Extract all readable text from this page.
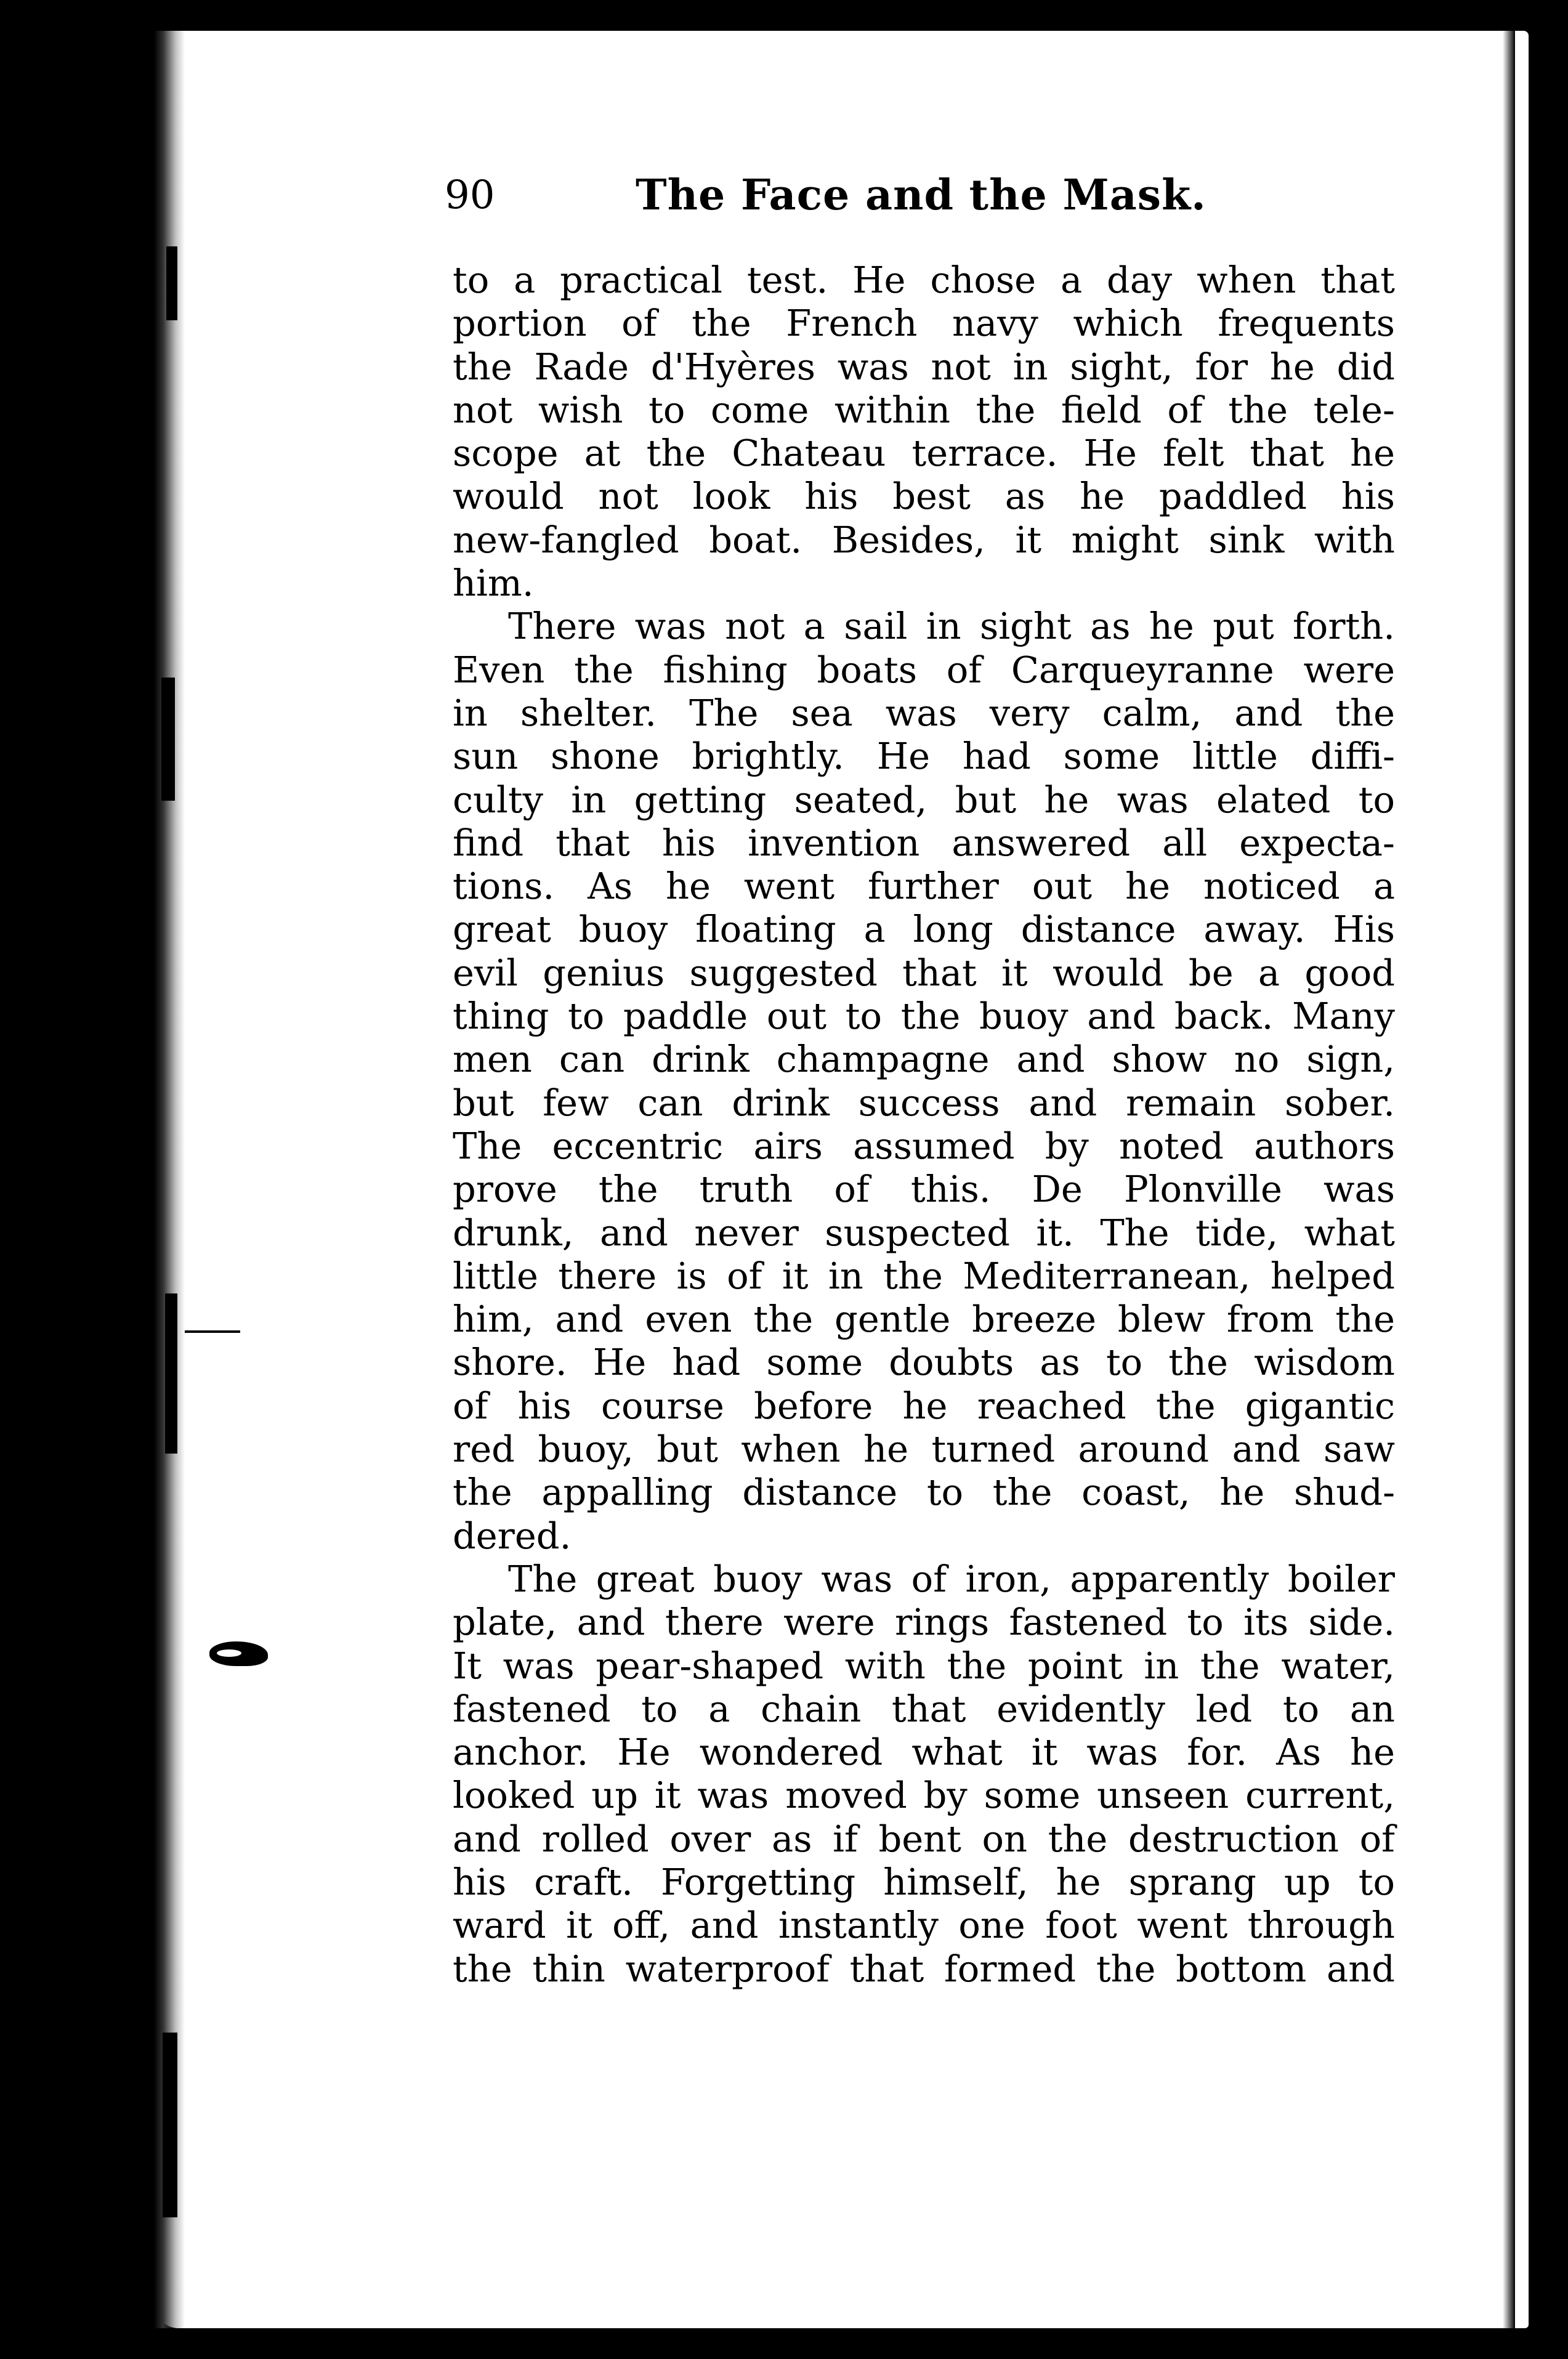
90	The Face and the Mask.
to a practical test. He chose a day when that
portion of the French navy which frequents
the Rade d'Hyères was not in sight, for he did
not wish to come within the field of the tele-
scope at the Chateau terrace. He felt that he
would not look his best as he paddled his
new-fangled boat. Besides, it might sink with
him.
There was not a sail in sight as he put forth.
Even the fishing boats of Carqueyranne were
in shelter. The sea was very calm, and the
sun shone brightly. He had some little diffi-
culty in getting seated, but he was elated to
find that his invention answered all expecta-
tions. As he went further out he noticed a
great buoy floating a long distance away. His
evil genius suggested that it would be a good
thing to paddle out to the buoy and back. Many
men can drink champagne and show no sign,
but few can drink success and remain sober.
The eccentric airs assumed by noted authors
prove the truth of this. De Plonville was
drunk, and never suspected it. The tide, what
little there is of it in the Mediterranean, helped
him, and even the gentle breeze blew from the
shore. He had some doubts as to the wisdom
of his course before he reached the gigantic
red buoy, but when he turned around and saw
the appalling distance to the coast, he shud-
dered.
The great buoy was of iron, apparently boiler
plate, and there were rings fastened to its side.
It was pear-shaped with the point in the water,
fastened to a chain that evidently led to an
anchor. He wondered what it was for. As he
looked up it was moved by some unseen current,
and rolled over as if bent on the destruction of
his craft. Forgetting himself, he sprang up to
ward it off, and instantly one foot went through
the thin waterproof that formed the bottom and
